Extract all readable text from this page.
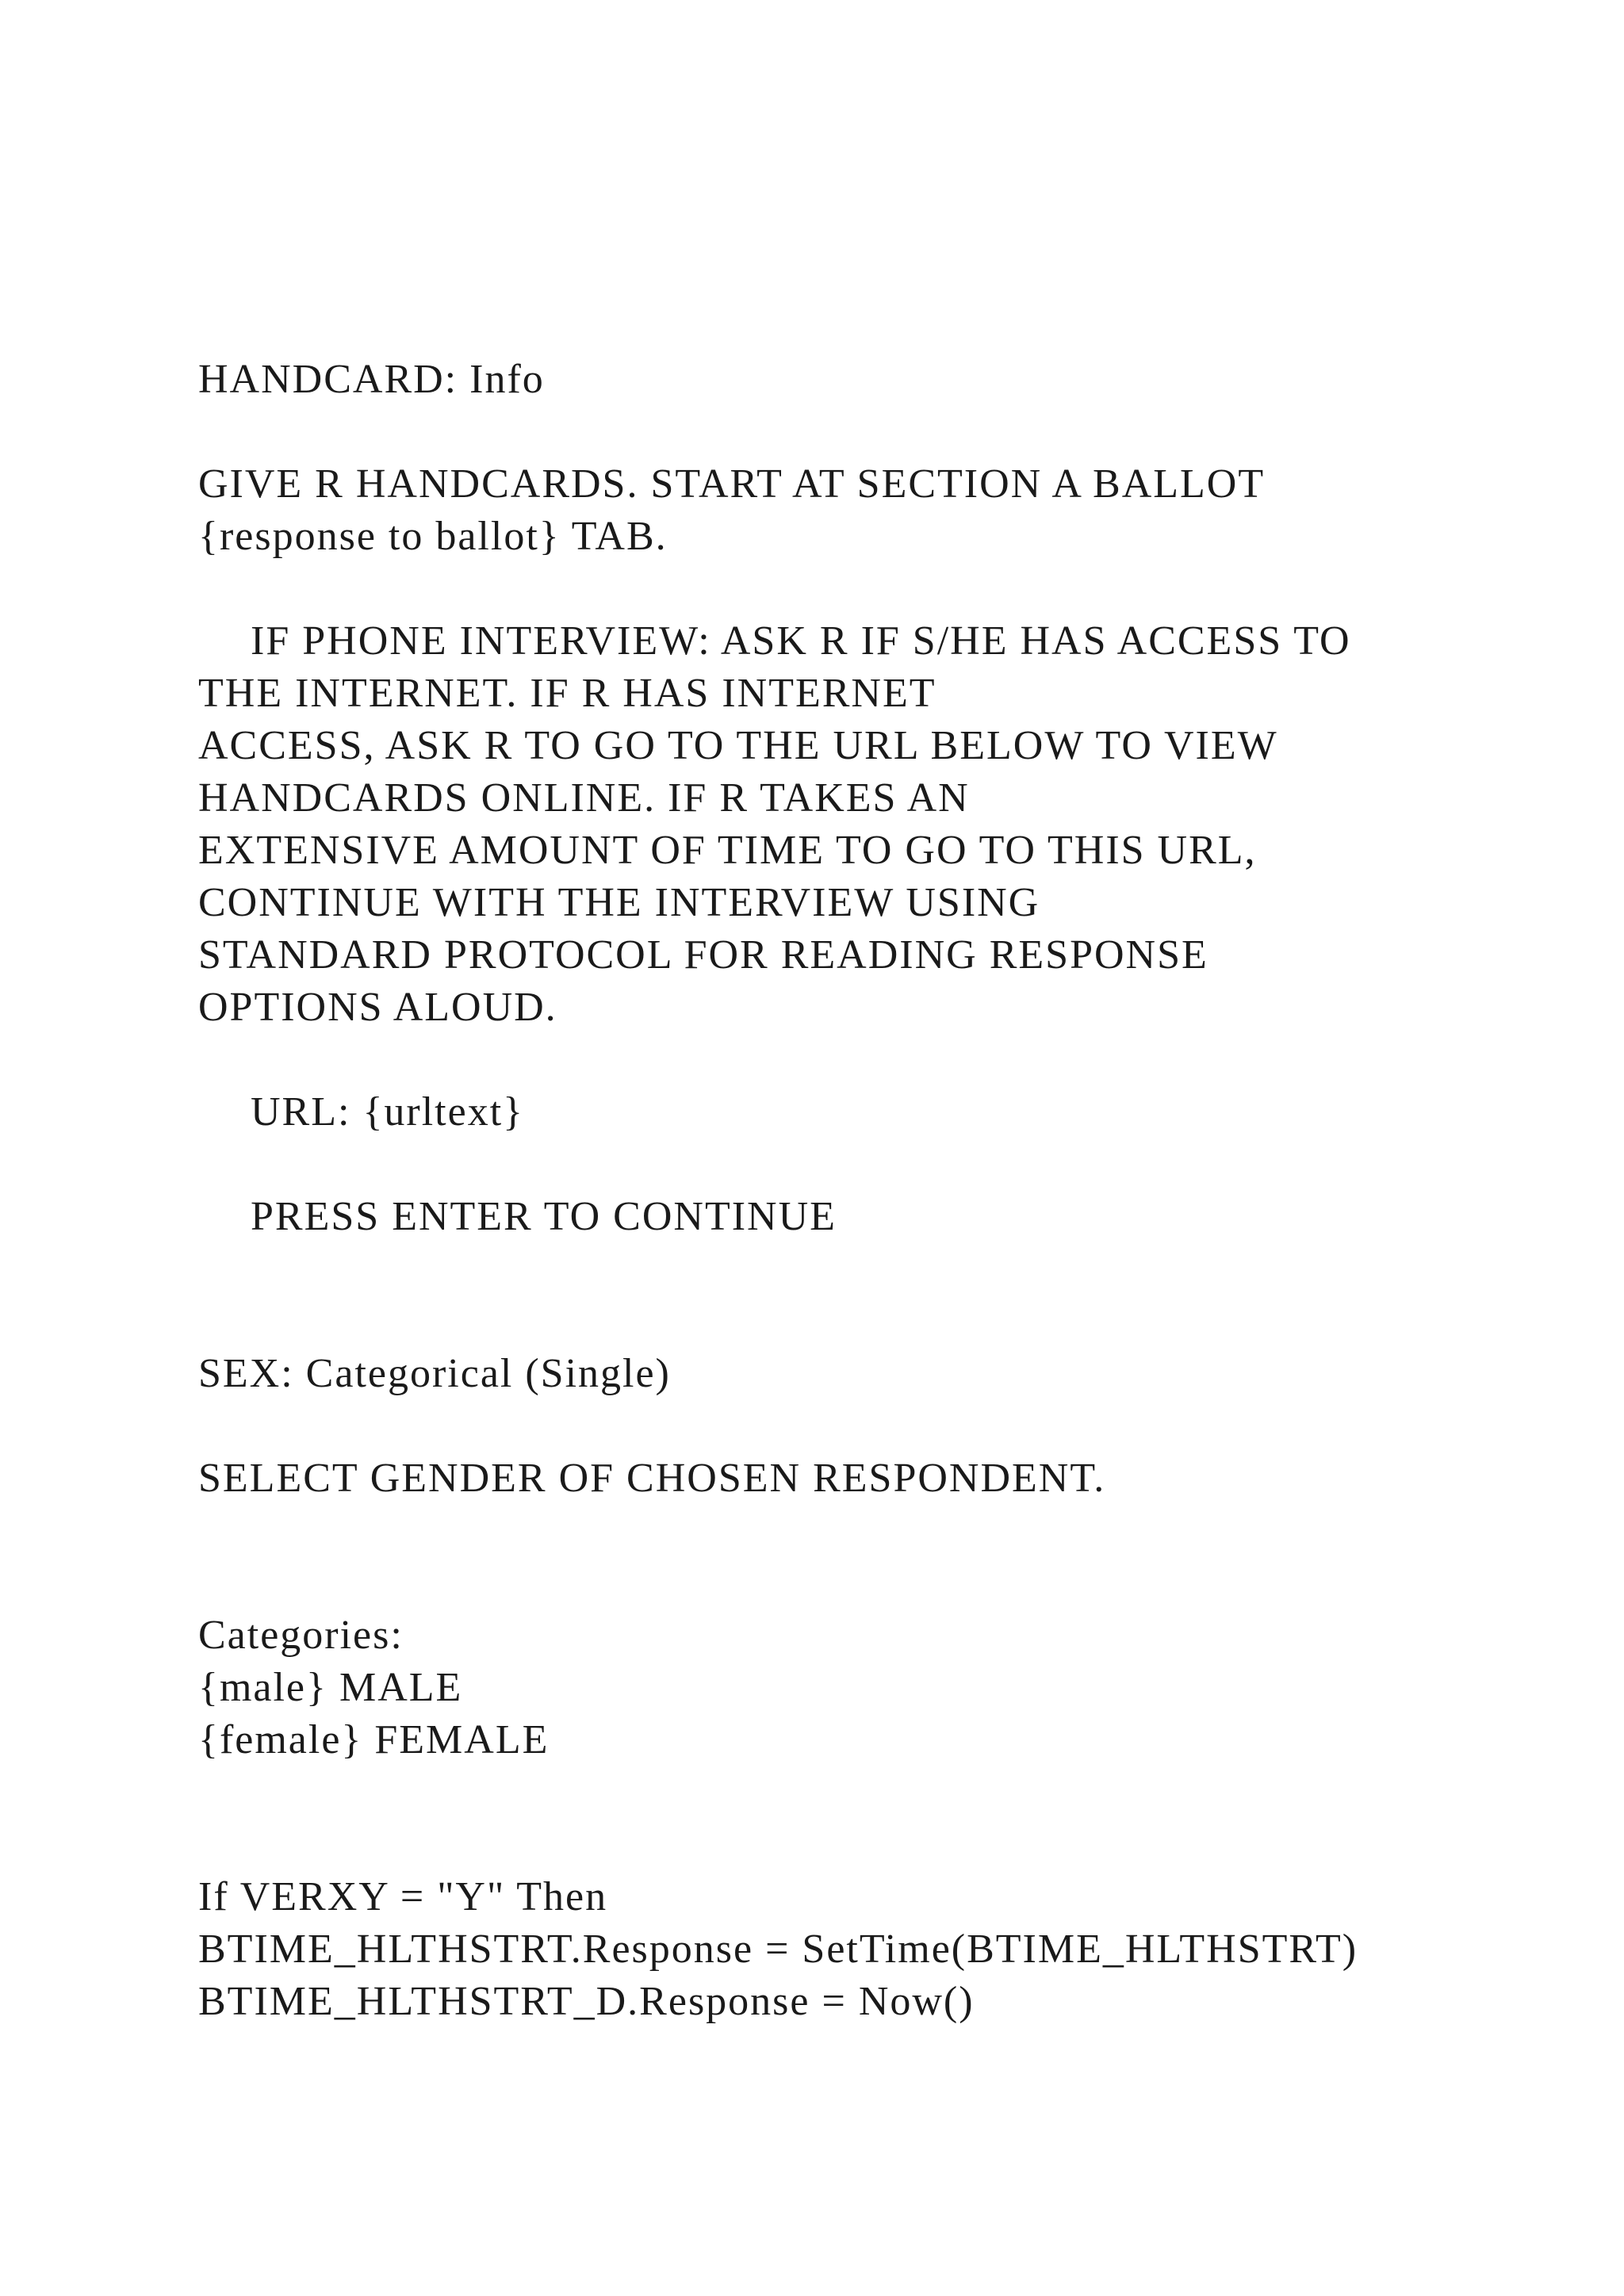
HANDCARD: Info
GIVE R HANDCARDS. START AT SECTION A BALLOT
{response to ballot} TAB.
IF PHONE INTERVIEW: ASK R IF S/HE HAS ACCESS TO
THE INTERNET. IF R HAS INTERNET
ACCESS, ASK R TO GO TO THE URL BELOW TO VIEW
HANDCARDS ONLINE. IF R TAKES AN
EXTENSIVE AMOUNT OF TIME TO GO TO THIS URL,
CONTINUE WITH THE INTERVIEW USING
STANDARD PROTOCOL FOR READING RESPONSE
OPTIONS ALOUD.
URL: {urltext}
PRESS ENTER TO CONTINUE
SEX: Categorical (Single)
SELECT GENDER OF CHOSEN RESPONDENT.
Categories:
{male} MALE
{female} FEMALE
If VERXY = "Y" Then
BTIME_HLTHSTRT.Response = SetTime(BTIME_HLTHSTRT)
BTIME_HLTHSTRT_D.Response = Now()
